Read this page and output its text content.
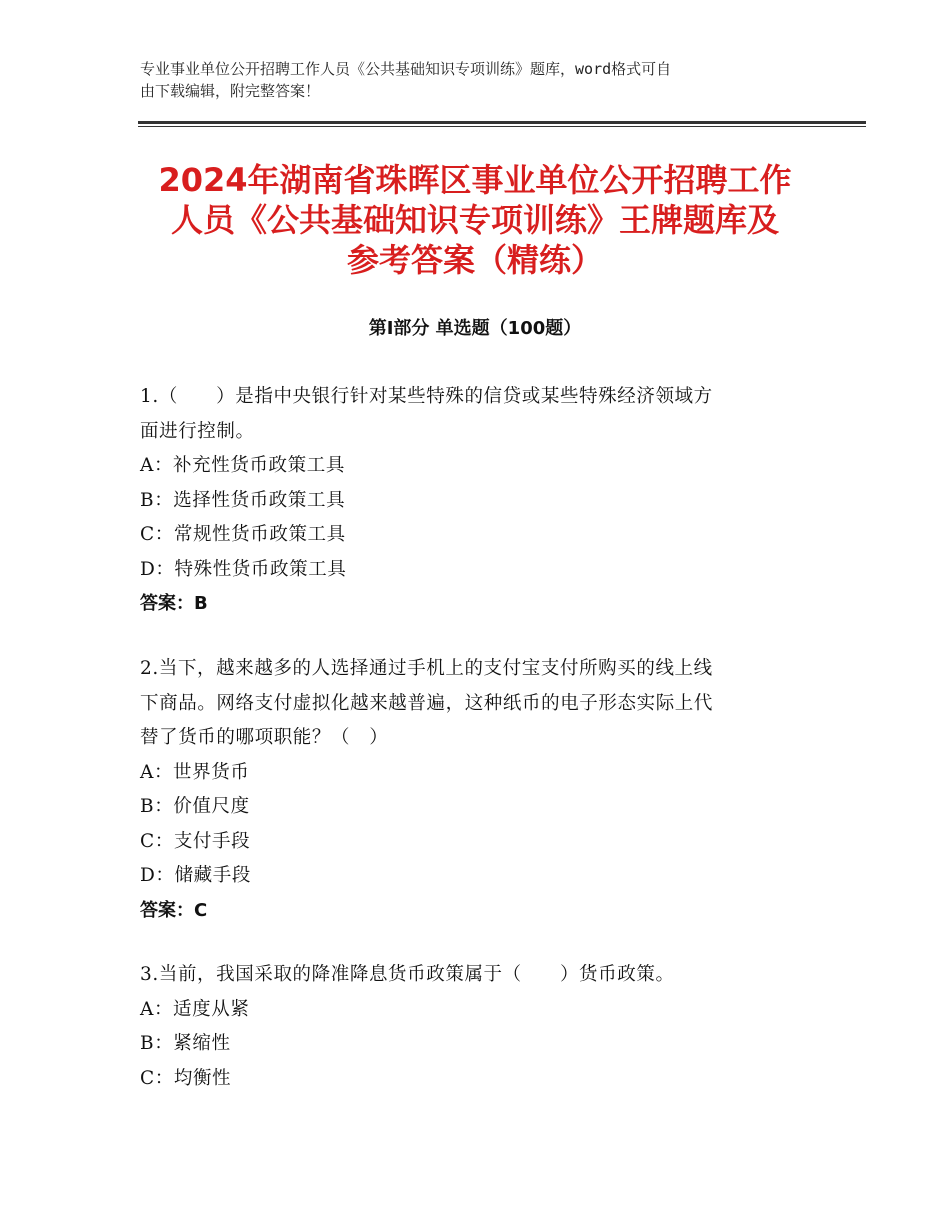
专业事业单位公开招聘工作人员《公共基础知识专项训练》题库，word格式可自
由下载编辑，附完整答案！
2024年湖南省珠晖区事业单位公开招聘工作
人员《公共基础知识专项训练》王牌题库及
参考答案（精练）
第I部分 单选题（100题）
1.（　　）是指中央银行针对某些特殊的信贷或某些特殊经济领域方
面进行控制。
A：补充性货币政策工具
B：选择性货币政策工具
C：常规性货币政策工具
D：特殊性货币政策工具
答案：B
2.当下，越来越多的人选择通过手机上的支付宝支付所购买的线上线
下商品。网络支付虚拟化越来越普遍，这种纸币的电子形态实际上代
替了货币的哪项职能？（　）
A：世界货币
B：价值尺度
C：支付手段
D：储藏手段
答案：C
3.当前，我国采取的降准降息货币政策属于（　　）货币政策。
A：适度从紧
B：紧缩性
C：均衡性
